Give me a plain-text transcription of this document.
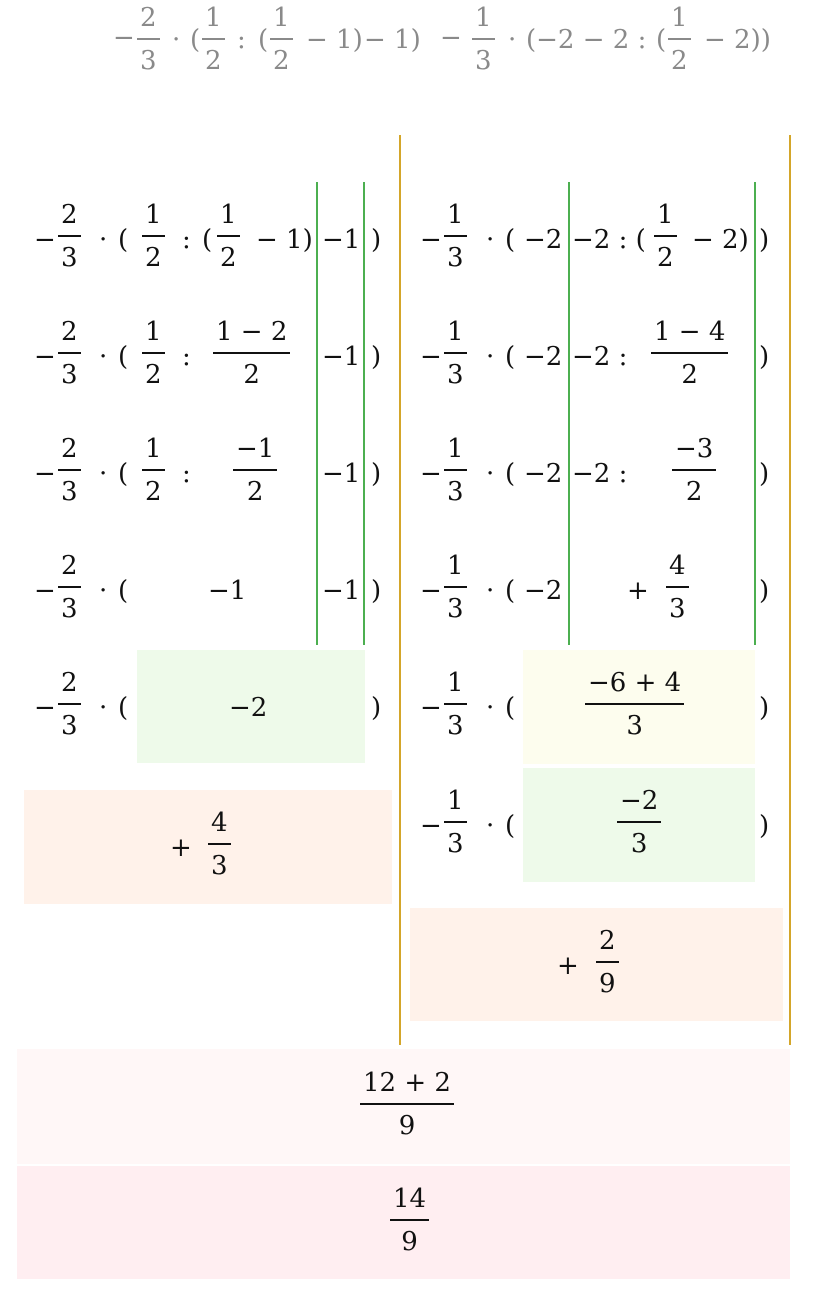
−
2
3
· (
1
2
: (
1
2
− 1) − 1) −
1
3
· (−2 − 2 : (
1
2
− 2))
−
2
3
· (
1
2
: (
1
2
− 1) −1 )
−
2
3
· (
1
2
:
1 − 2
2
−1 )
−
2
3
· (
1
2
:
−1
2
−1 )
−
2
3
· (	−1	−1 )
−
2
3
· (	−2	)
+
4
3
−
1
3
· ( −2 −2 : (
1
2
− 2) )
−
1
3
· ( −2 −2 :
1 − 4
2
)
−
1
3
· ( −2 −2 :
−3
2
)
−
1
3
· ( −2 +
4
3
)
−
1
3
· (
−6 + 4
3
)
−
1
3
· (
−2
3
)
+
2
9
12 + 2
9
14
9
